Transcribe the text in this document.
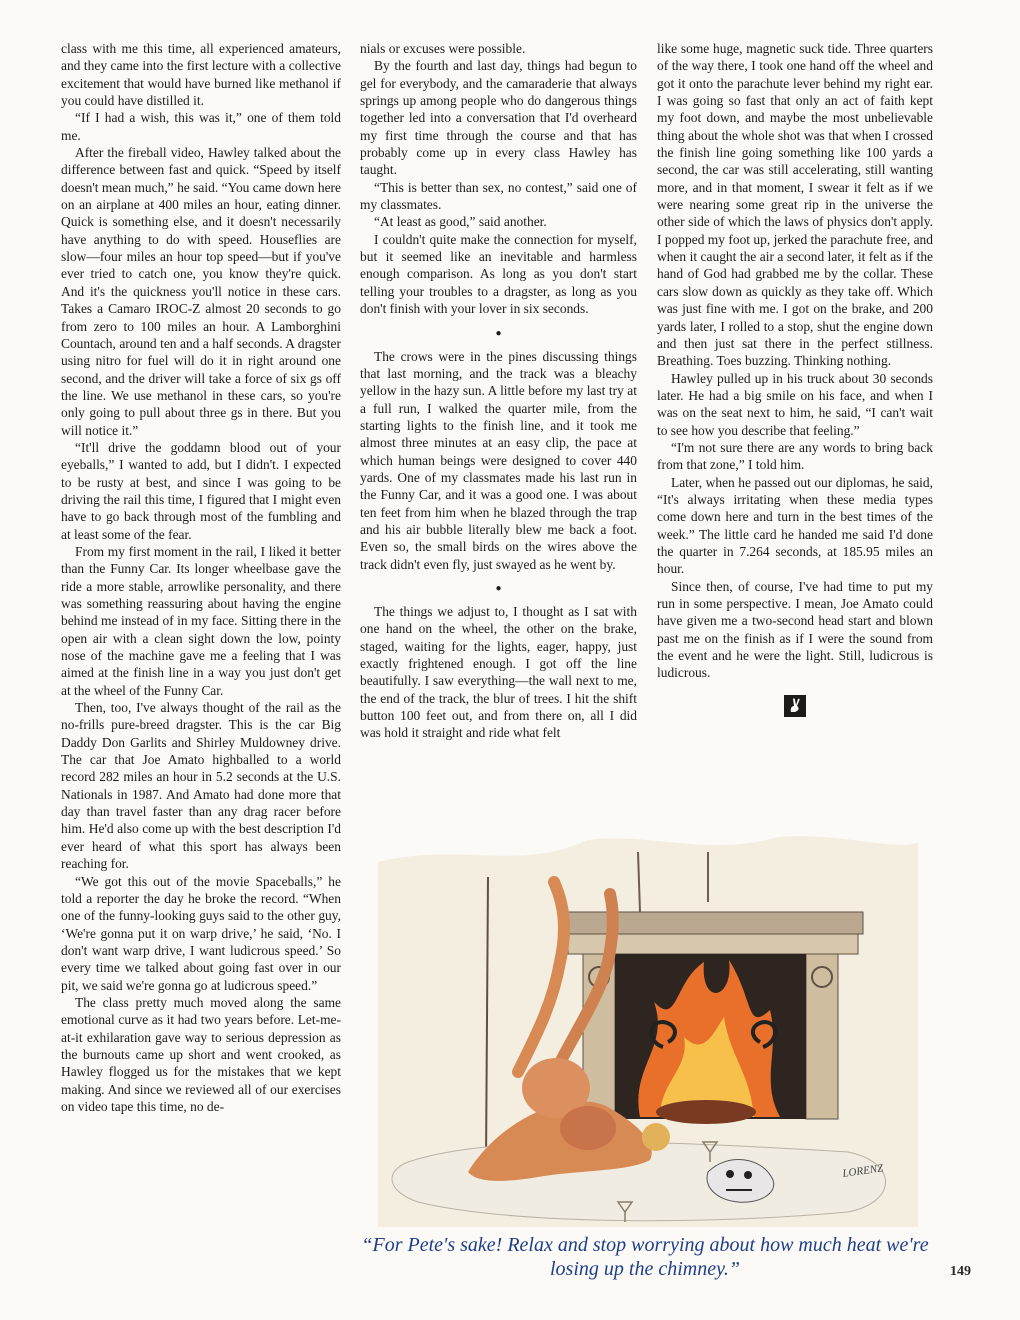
class with me this time, all experienced amateurs, and they came into the first lecture with a collective excitement that would have burned like methanol if you could have distilled it.

“If I had a wish, this was it,” one of them told me.

After the fireball video, Hawley talked about the difference between fast and quick. “Speed by itself doesn't mean much,” he said. “You came down here on an airplane at 400 miles an hour, eating dinner. Quick is something else, and it doesn't necessarily have anything to do with speed. Houseflies are slow—four miles an hour top speed—but if you've ever tried to catch one, you know they're quick. And it's the quickness you'll notice in these cars. Takes a Camaro IROC-Z almost 20 seconds to go from zero to 100 miles an hour. A Lamborghini Countach, around ten and a half seconds. A dragster using nitro for fuel will do it in right around one second, and the driver will take a force of six gs off the line. We use methanol in these cars, so you're only going to pull about three gs in there. But you will notice it.”

“It'll drive the goddamn blood out of your eyeballs,” I wanted to add, but I didn't. I expected to be rusty at best, and since I was going to be driving the rail this time, I figured that I might even have to go back through most of the fumbling and at least some of the fear.

From my first moment in the rail, I liked it better than the Funny Car. Its longer wheelbase gave the ride a more stable, arrowlike personality, and there was something reassuring about having the engine behind me instead of in my face. Sitting there in the open air with a clean sight down the low, pointy nose of the machine gave me a feeling that I was aimed at the finish line in a way you just don't get at the wheel of the Funny Car.

Then, too, I've always thought of the rail as the no-frills pure-breed dragster. This is the car Big Daddy Don Garlits and Shirley Muldowney drive. The car that Joe Amato highballed to a world record 282 miles an hour in 5.2 seconds at the U.S. Nationals in 1987. And Amato had done more that day than travel faster than any drag racer before him. He'd also come up with the best description I'd ever heard of what this sport has always been reaching for.

“We got this out of the movie Spaceballs,” he told a reporter the day he broke the record. “When one of the funny-looking guys said to the other guy, ‘We're gonna put it on warp drive,’ he said, ‘No. I don't want warp drive, I want ludicrous speed.’ So every time we talked about going fast over in our pit, we said we're gonna go at ludicrous speed.”

The class pretty much moved along the same emotional curve as it had two years before. Let-me-at-it exhilaration gave way to serious depression as the burnouts came up short and went crooked, as Hawley flogged us for the mistakes that we kept making. And since we reviewed all of our exercises on video tape this time, no de-

nials or excuses were possible.

By the fourth and last day, things had begun to gel for everybody, and the camaraderie that always springs up among people who do dangerous things together led into a conversation that I'd overheard my first time through the course and that has probably come up in every class Hawley has taught.

“This is better than sex, no contest,” said one of my classmates.

“At least as good,” said another.

I couldn't quite make the connection for myself, but it seemed like an inevitable and harmless enough comparison. As long as you don't start telling your troubles to a dragster, as long as you don't finish with your lover in six seconds.

●

The crows were in the pines discussing things that last morning, and the track was a bleachy yellow in the hazy sun. A little before my last try at a full run, I walked the quarter mile, from the starting lights to the finish line, and it took me almost three minutes at an easy clip, the pace at which human beings were designed to cover 440 yards. One of my classmates made his last run in the Funny Car, and it was a good one. I was about ten feet from him when he blazed through the trap and his air bubble literally blew me back a foot. Even so, the small birds on the wires above the track didn't even fly, just swayed as he went by.

●

The things we adjust to, I thought as I sat with one hand on the wheel, the other on the brake, staged, waiting for the lights, eager, happy, just exactly frightened enough. I got off the line beautifully. I saw everything—the wall next to me, the end of the track, the blur of trees. I hit the shift button 100 feet out, and from there on, all I did was hold it straight and ride what felt

like some huge, magnetic suck tide. Three quarters of the way there, I took one hand off the wheel and got it onto the parachute lever behind my right ear. I was going so fast that only an act of faith kept my foot down, and maybe the most unbelievable thing about the whole shot was that when I crossed the finish line going something like 100 yards a second, the car was still accelerating, still wanting more, and in that moment, I swear it felt as if we were nearing some great rip in the universe the other side of which the laws of physics don't apply. I popped my foot up, jerked the parachute free, and when it caught the air a second later, it felt as if the hand of God had grabbed me by the collar. These cars slow down as quickly as they take off. Which was just fine with me. I got on the brake, and 200 yards later, I rolled to a stop, shut the engine down and then just sat there in the perfect stillness. Breathing. Toes buzzing. Thinking nothing.

Hawley pulled up in his truck about 30 seconds later. He had a big smile on his face, and when I was on the seat next to him, he said, “I can't wait to see how you describe that feeling.”

“I'm not sure there are any words to bring back from that zone,” I told him.

Later, when he passed out our diplomas, he said, “It's always irritating when these media types come down here and turn in the best times of the week.” The little card he handed me said I'd done the quarter in 7.264 seconds, at 185.95 miles an hour.

Since then, of course, I've had time to put my run in some perspective. I mean, Joe Amato could have given me a two-second head start and blown past me on the finish as if I were the sound from the event and he were the light. Still, ludicrous is ludicrous.

LORENZ
“For Pete's sake! Relax and stop worrying about how much heat we're losing up the chimney.”	149
